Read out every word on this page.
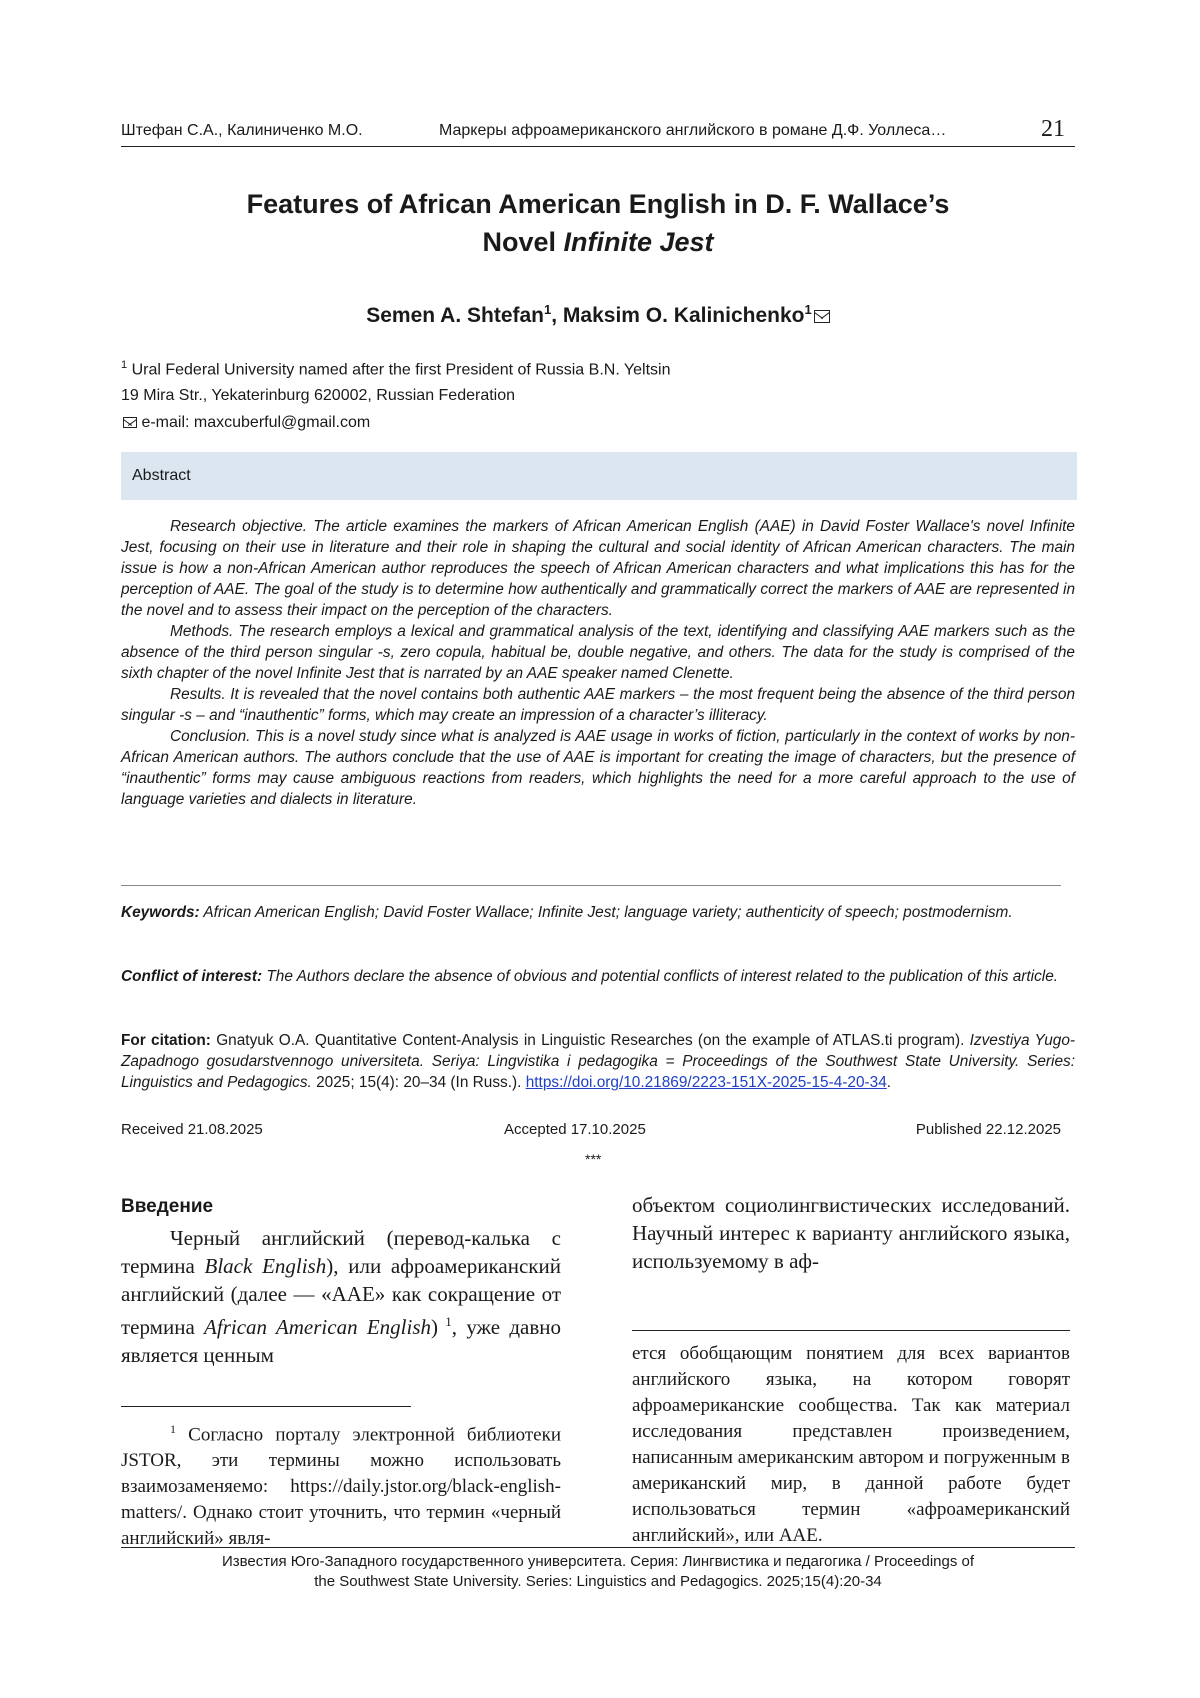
Штефан С.А., Калиниченко М.О.	Маркеры афроамериканского английского в романе Д.Ф. Уоллеса…	21
Features of African American English in D. F. Wallace’s
Novel Infinite Jest
Semen A. Shtefan$^1$, Maksim O. Kalinichenko$^1$
$^1$ Ural Federal University named after the first President of Russia B.N. Yeltsin
19 Mira Str., Yekaterinburg 620002, Russian Federation
e-mail: maxcuberful@gmail.com
Abstract

Research objective. The article examines the markers of African American English (AAE) in David Foster Wallace's novel Infinite Jest, focusing on their use in literature and their role in shaping the cultural and social identity of African American characters. The main issue is how a non-African American author reproduces the speech of African American characters and what implications this has for the perception of AAE. The goal of the study is to determine how authentically and grammatically correct the markers of AAE are represented in the novel and to assess their impact on the perception of the characters.

Methods. The research employs a lexical and grammatical analysis of the text, identifying and classifying AAE markers such as the absence of the third person singular -s, zero copula, habitual be, double negative, and others. The data for the study is comprised of the sixth chapter of the novel Infinite Jest that is narrated by an AAE speaker named Clenette.

Results. It is revealed that the novel contains both authentic AAE markers – the most frequent being the absence of the third person singular -s – and “inauthentic” forms, which may create an impression of a character’s illiteracy.

Conclusion. This is a novel study since what is analyzed is AAE usage in works of fiction, particularly in the context of works by non-African American authors. The authors conclude that the use of AAE is important for creating the image of characters, but the presence of “inauthentic” forms may cause ambiguous reactions from readers, which highlights the need for a more careful approach to the use of language varieties and dialects in literature.

Keywords: African American English; David Foster Wallace; Infinite Jest; language variety; authenticity of speech; postmodernism.
Conflict of interest: The Authors declare the absence of obvious and potential conflicts of interest related to the publication of this article.
For citation: Gnatyuk O.A. Quantitative Content-Analysis in Linguistic Researches (on the example of ATLAS.ti program). Izvestiya Yugo-Zapadnogo gosudarstvennogo universiteta. Seriya: Lingvistika i pedagogika = Proceedings of the Southwest State University. Series: Linguistics and Pedagogics. 2025; 15(4): 20–34 (In Russ.). https://doi.org/10.21869/2223-151X-2025-15-4-20-34.
Received 21.08.2025	Accepted 17.10.2025	Published 22.12.2025
***
Введение

Черный английский (перевод-калька с термина Black English), или афроамериканский английский (далее — «AAE» как сокращение от термина African American English) $^1$, уже давно является ценным

$^1$ Согласно порталу электронной библиотеки JSTOR, эти термины можно использовать взаимозаменяемо: https://daily.jstor.org/black-english-matters/. Однако стоит уточнить, что термин «черный английский» явля-

объектом социолингвистических исследований. Научный интерес к варианту английского языка, используемому в аф-
ется обобщающим понятием для всех вариантов английского языка, на котором говорят афроамериканские сообщества. Так как материал исследования представлен произведением, написанным американским автором и погруженным в американский мир, в данной работе будет использоваться термин «афроамериканский английский», или AAE.
Известия Юго-Западного государственного университета. Серия: Лингвистика и педагогика / Proceedings of
the Southwest State University. Series: Linguistics and Pedagogics. 2025;15(4):20-34
